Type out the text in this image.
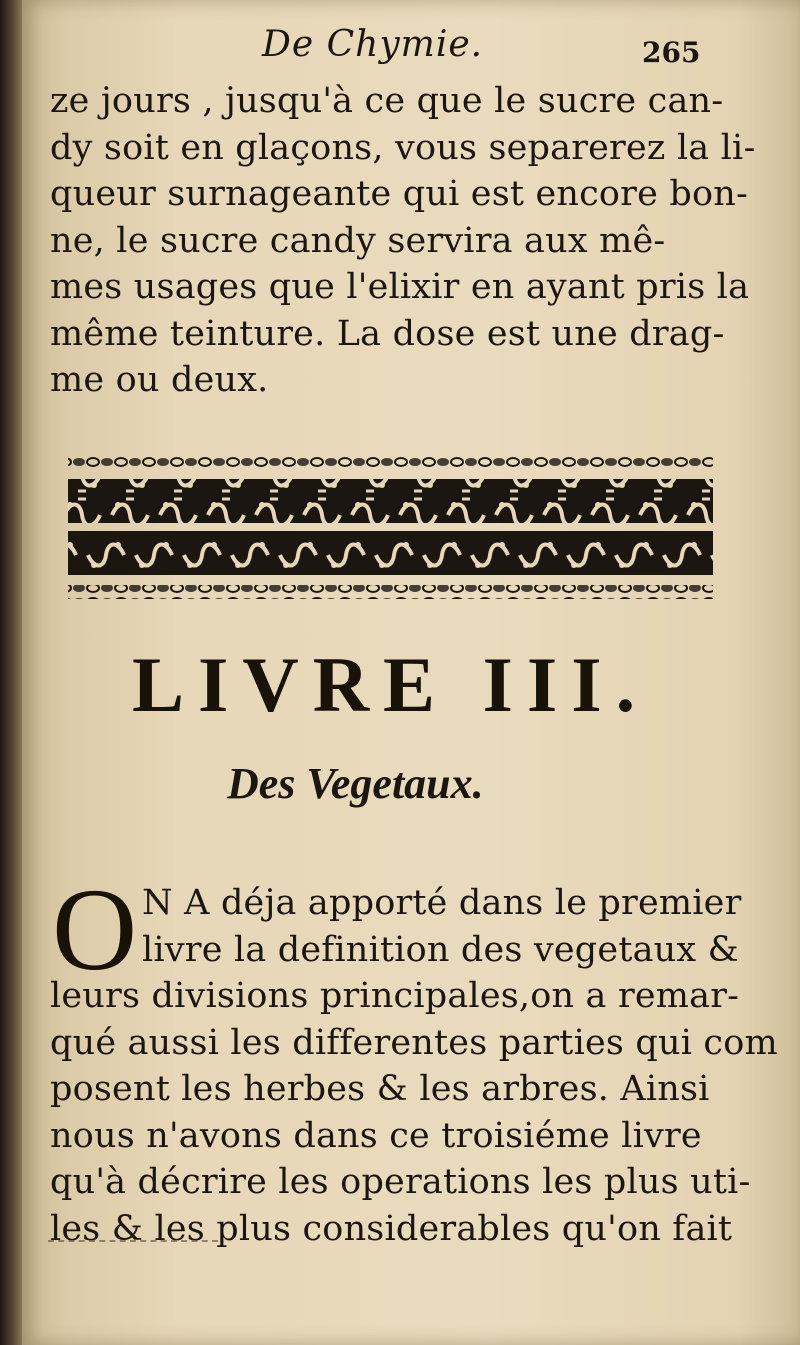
De Chymie.	265
ze jours , jusqu'à ce que le sucre can-
dy soit en glaçons, vous separerez la li-
queur surnageante qui est encore bon-
ne, le sucre candy servira aux mê-
mes usages que l'elixir en ayant pris la
même teinture. La dose est une drag-
me ou deux.
LIVRE III.
Des Vegetaux.
O N A déja apporté dans le premier
livre la definition des vegetaux &
leurs divisions principales,on a remar-
qué aussi les differentes parties qui com
posent les herbes & les arbres. Ainsi
nous n'avons dans ce troisiéme livre
qu'à décrire les operations les plus uti-
les & les plus considerables qu'on fait
